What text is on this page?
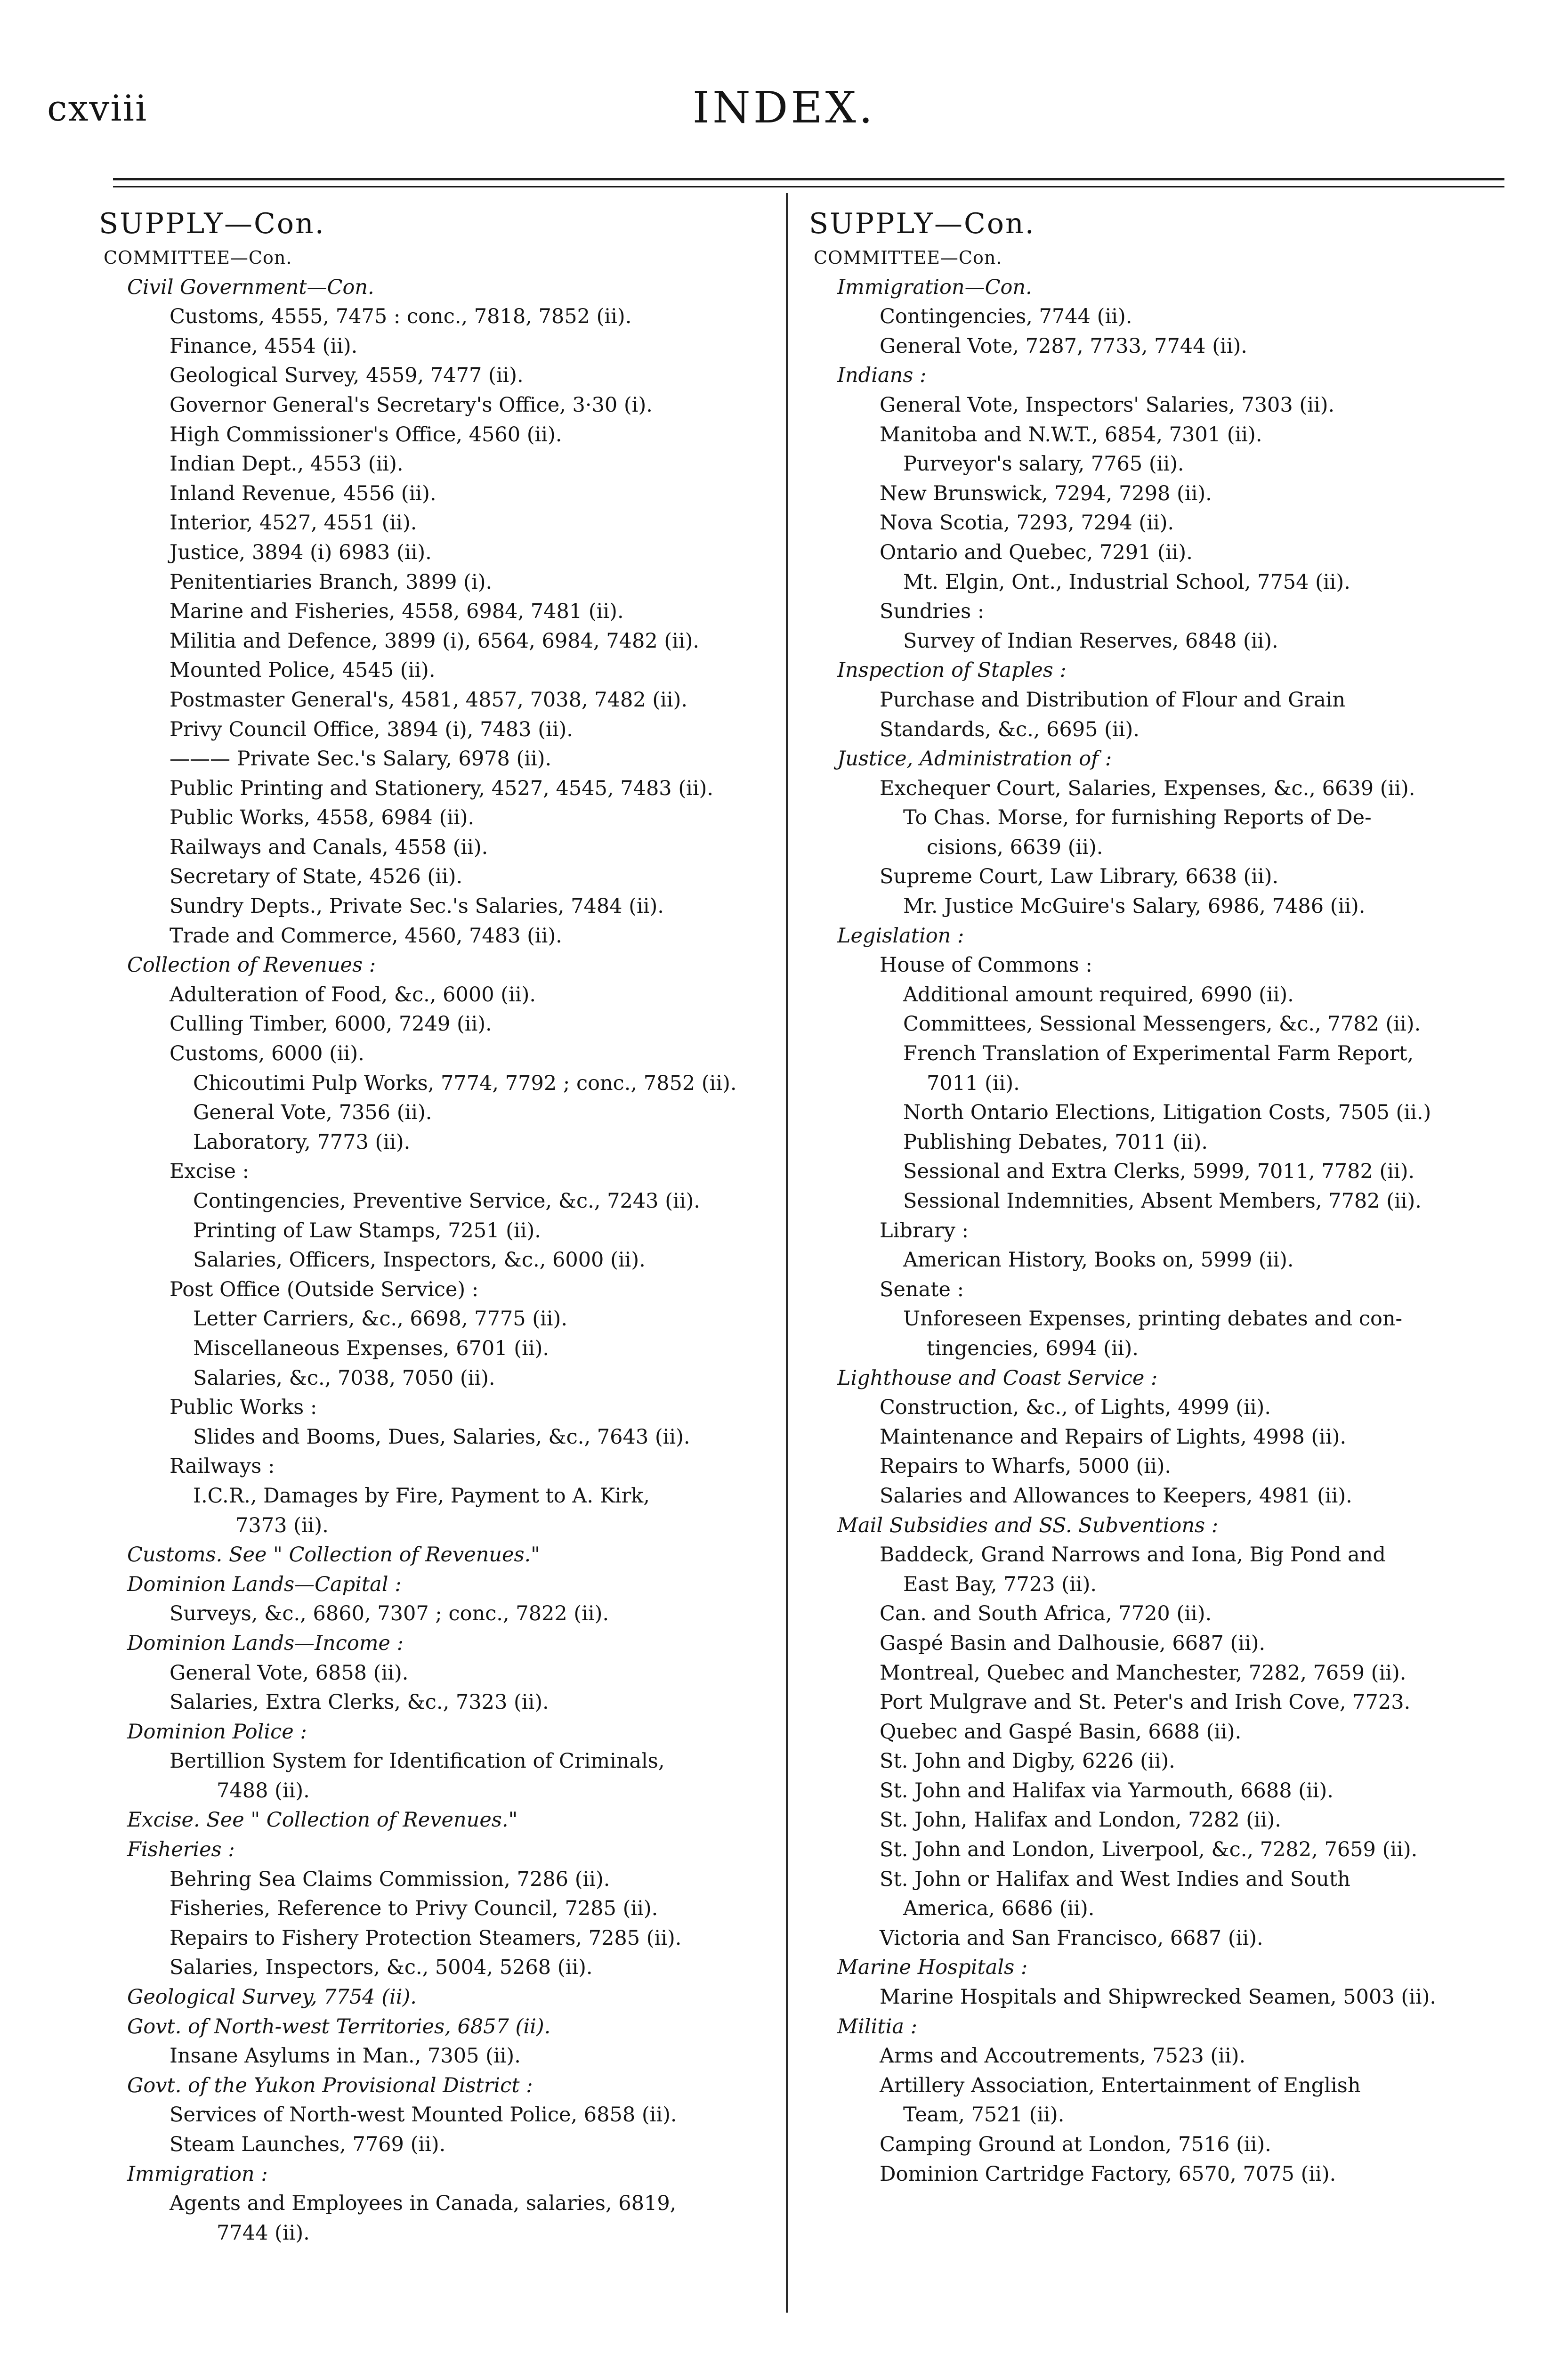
cxviii	INDEX.
SUPPLY—Con.
COMMITTEE—Con.
Civil Government—Con.
Customs, 4555, 7475 : conc., 7818, 7852 (ii).
Finance, 4554 (ii).
Geological Survey, 4559, 7477 (ii).
Governor General's Secretary's Office, 3·30 (i).
High Commissioner's Office, 4560 (ii).
Indian Dept., 4553 (ii).
Inland Revenue, 4556 (ii).
Interior, 4527, 4551 (ii).
Justice, 3894 (i) 6983 (ii).
Penitentiaries Branch, 3899 (i).
Marine and Fisheries, 4558, 6984, 7481 (ii).
Militia and Defence, 3899 (i), 6564, 6984, 7482 (ii).
Mounted Police, 4545 (ii).
Postmaster General's, 4581, 4857, 7038, 7482 (ii).
Privy Council Office, 3894 (i), 7483 (ii).
——— Private Sec.'s Salary, 6978 (ii).
Public Printing and Stationery, 4527, 4545, 7483 (ii).
Public Works, 4558, 6984 (ii).
Railways and Canals, 4558 (ii).
Secretary of State, 4526 (ii).
Sundry Depts., Private Sec.'s Salaries, 7484 (ii).
Trade and Commerce, 4560, 7483 (ii).
Collection of Revenues :
Adulteration of Food, &c., 6000 (ii).
Culling Timber, 6000, 7249 (ii).
Customs, 6000 (ii).
Chicoutimi Pulp Works, 7774, 7792 ; conc., 7852 (ii).
General Vote, 7356 (ii).
Laboratory, 7773 (ii).
Excise :
Contingencies, Preventive Service, &c., 7243 (ii).
Printing of Law Stamps, 7251 (ii).
Salaries, Officers, Inspectors, &c., 6000 (ii).
Post Office (Outside Service) :
Letter Carriers, &c., 6698, 7775 (ii).
Miscellaneous Expenses, 6701 (ii).
Salaries, &c., 7038, 7050 (ii).
Public Works :
Slides and Booms, Dues, Salaries, &c., 7643 (ii).
Railways :
I.C.R., Damages by Fire, Payment to A. Kirk,
7373 (ii).
Customs. See " Collection of Revenues."
Dominion Lands—Capital :
Surveys, &c., 6860, 7307 ; conc., 7822 (ii).
Dominion Lands—Income :
General Vote, 6858 (ii).
Salaries, Extra Clerks, &c., 7323 (ii).
Dominion Police :
Bertillion System for Identification of Criminals,
7488 (ii).
Excise. See " Collection of Revenues."
Fisheries :
Behring Sea Claims Commission, 7286 (ii).
Fisheries, Reference to Privy Council, 7285 (ii).
Repairs to Fishery Protection Steamers, 7285 (ii).
Salaries, Inspectors, &c., 5004, 5268 (ii).
Geological Survey, 7754 (ii).
Govt. of North-west Territories, 6857 (ii).
Insane Asylums in Man., 7305 (ii).
Govt. of the Yukon Provisional District :
Services of North-west Mounted Police, 6858 (ii).
Steam Launches, 7769 (ii).
Immigration :
Agents and Employees in Canada, salaries, 6819,
7744 (ii).
SUPPLY—Con.
COMMITTEE—Con.
Immigration—Con.
Contingencies, 7744 (ii).
General Vote, 7287, 7733, 7744 (ii).
Indians :
General Vote, Inspectors' Salaries, 7303 (ii).
Manitoba and N.W.T., 6854, 7301 (ii).
Purveyor's salary, 7765 (ii).
New Brunswick, 7294, 7298 (ii).
Nova Scotia, 7293, 7294 (ii).
Ontario and Quebec, 7291 (ii).
Mt. Elgin, Ont., Industrial School, 7754 (ii).
Sundries :
Survey of Indian Reserves, 6848 (ii).
Inspection of Staples :
Purchase and Distribution of Flour and Grain
Standards, &c., 6695 (ii).
Justice, Administration of :
Exchequer Court, Salaries, Expenses, &c., 6639 (ii).
To Chas. Morse, for furnishing Reports of De-
cisions, 6639 (ii).
Supreme Court, Law Library, 6638 (ii).
Mr. Justice McGuire's Salary, 6986, 7486 (ii).
Legislation :
House of Commons :
Additional amount required, 6990 (ii).
Committees, Sessional Messengers, &c., 7782 (ii).
French Translation of Experimental Farm Report,
7011 (ii).
North Ontario Elections, Litigation Costs, 7505 (ii.)
Publishing Debates, 7011 (ii).
Sessional and Extra Clerks, 5999, 7011, 7782 (ii).
Sessional Indemnities, Absent Members, 7782 (ii).
Library :
American History, Books on, 5999 (ii).
Senate :
Unforeseen Expenses, printing debates and con-
tingencies, 6994 (ii).
Lighthouse and Coast Service :
Construction, &c., of Lights, 4999 (ii).
Maintenance and Repairs of Lights, 4998 (ii).
Repairs to Wharfs, 5000 (ii).
Salaries and Allowances to Keepers, 4981 (ii).
Mail Subsidies and SS. Subventions :
Baddeck, Grand Narrows and Iona, Big Pond and
East Bay, 7723 (ii).
Can. and South Africa, 7720 (ii).
Gaspé Basin and Dalhousie, 6687 (ii).
Montreal, Quebec and Manchester, 7282, 7659 (ii).
Port Mulgrave and St. Peter's and Irish Cove, 7723.
Quebec and Gaspé Basin, 6688 (ii).
St. John and Digby, 6226 (ii).
St. John and Halifax via Yarmouth, 6688 (ii).
St. John, Halifax and London, 7282 (ii).
St. John and London, Liverpool, &c., 7282, 7659 (ii).
St. John or Halifax and West Indies and South
America, 6686 (ii).
Victoria and San Francisco, 6687 (ii).
Marine Hospitals :
Marine Hospitals and Shipwrecked Seamen, 5003 (ii).
Militia :
Arms and Accoutrements, 7523 (ii).
Artillery Association, Entertainment of English
Team, 7521 (ii).
Camping Ground at London, 7516 (ii).
Dominion Cartridge Factory, 6570, 7075 (ii).
